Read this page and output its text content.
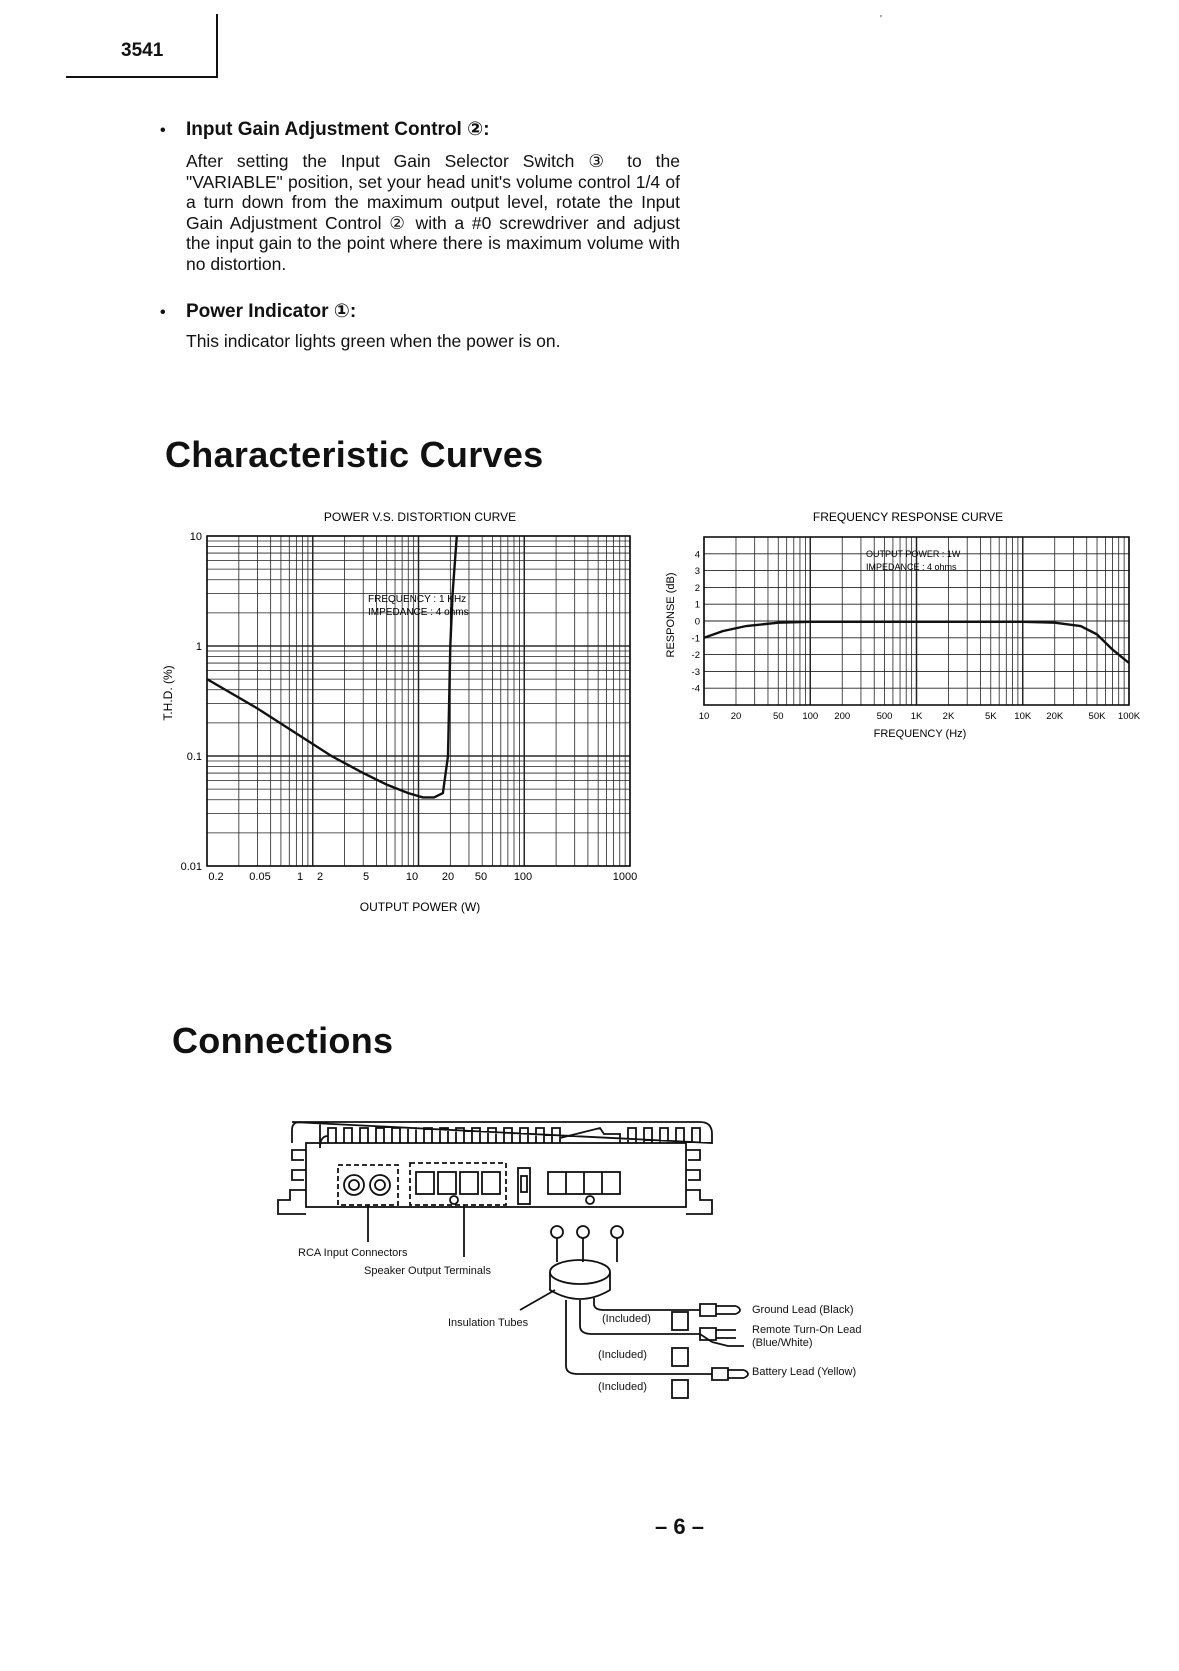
3541
'
•	Input Gain Adjustment Control ②:
After setting the Input Gain Selector Switch ③ to the "VARIABLE" position, set your head unit's volume control 1/4 of a turn down from the maximum output level, rotate the Input Gain Adjustment Control ② with a #0 screwdriver and adjust the input gain to the point where there is maximum volume with no distortion.
•	Power Indicator ①:
This indicator lights green when the power is on.
Characteristic Curves
Connections
POWER V.S. DISTORTION CURVE
OUTPUT POWER (W)
T.H.D. (%)
FREQUENCY : 1 KHz
IMPEDANCE : 4 ohms
0.2 0.05 1 2	5	10 20 50 100	1000
10
1
0.1
0.01
FREQUENCY RESPONSE CURVE
FREQUENCY (Hz)
RESPONSE (dB)
OUTPUT POWER : 1W
IMPEDANCE : 4 ohms
10 20	50 100 200	500 1K 2K	5K 10K 20K	50K 100K
4
3
2
1
0
-1
-2
-3
-4
RCA Input Connectors
Speaker Output Terminals
Insulation Tubes	(Included)
(Included)
(Included)
Ground Lead (Black)
Remote Turn-On Lead
(Blue/White)
Battery Lead (Yellow)
– 6 –
